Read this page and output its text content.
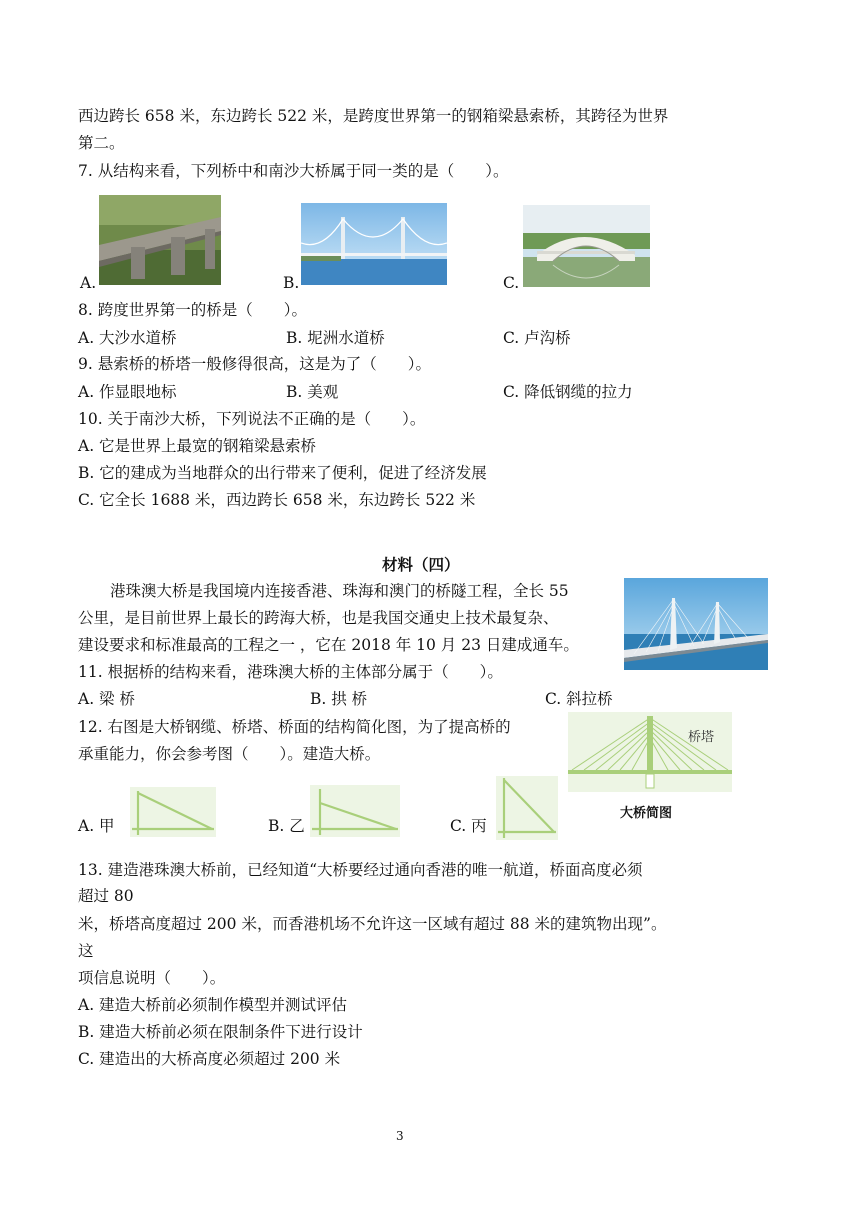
西边跨长 658 米，东边跨长 522 米，是跨度世界第一的钢箱梁悬索桥，其跨径为世界
第二。
7. 从结构来看，下列桥中和南沙大桥属于同一类的是（　　）。
A.	B.	C.
8. 跨度世界第一的桥是（　　）。
A. 大沙水道桥	B. 坭洲水道桥	C. 卢沟桥
9. 悬索桥的桥塔一般修得很高，这是为了（　　）。
A. 作显眼地标	B. 美观	C. 降低钢缆的拉力
10. 关于南沙大桥，下列说法不正确的是（　　）。
A. 它是世界上最宽的钢箱梁悬索桥
B. 它的建成为当地群众的出行带来了便利，促进了经济发展
C. 它全长 1688 米，西边跨长 658 米，东边跨长 522 米
材料（四）
港珠澳大桥是我国境内连接香港、珠海和澳门的桥隧工程，全长 55
公里，是目前世界上最长的跨海大桥，也是我国交通史上技术最复杂、
建设要求和标准最高的工程之一 ，它在 2018 年 10 月 23 日建成通车。
11. 根据桥的结构来看，港珠澳大桥的主体部分属于（　　）。
A. 梁 桥	B. 拱 桥	C. 斜拉桥
12. 右图是大桥钢缆、桥塔、桥面的结构简化图，为了提高桥的
承重能力，你会参考图（　　）。建造大桥。
桥塔
大桥简图
A. 甲	B. 乙	C. 丙
13. 建造港珠澳大桥前，已经知道“大桥要经过通向香港的唯一航道，桥面高度必须
超过 80
米，桥塔高度超过 200 米，而香港机场不允许这一区域有超过 88 米的建筑物出现”。
这
项信息说明（　　）。
A. 建造大桥前必须制作模型并测试评估
B. 建造大桥前必须在限制条件下进行设计
C. 建造出的大桥高度必须超过 200 米
3
